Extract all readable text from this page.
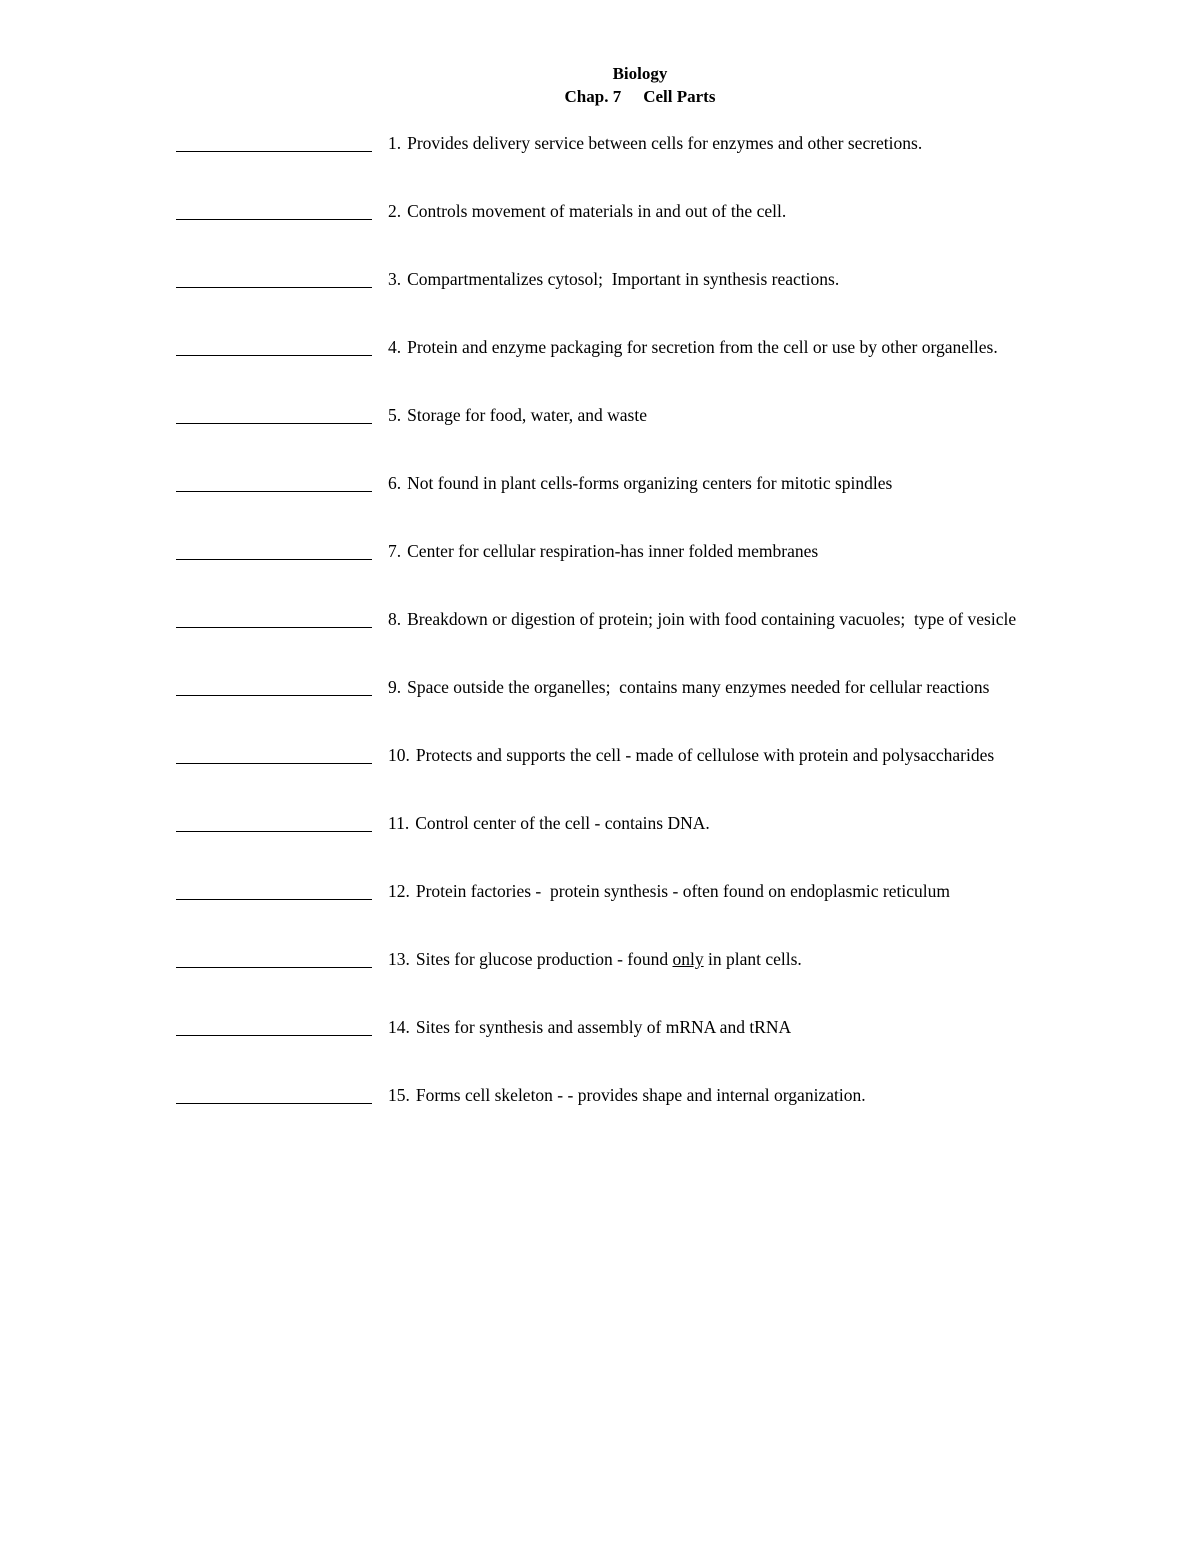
Biology
Chap. 7 Cell Parts
1. Provides delivery service between cells for enzymes and other secretions.
2. Controls movement of materials in and out of the cell.
3. Compartmentalizes cytosol;  Important in synthesis reactions.
4. Protein and enzyme packaging for secretion from the cell or use by other organelles.
5. Storage for food, water, and waste
6. Not found in plant cells-forms organizing centers for mitotic spindles
7. Center for cellular respiration-has inner folded membranes
8. Breakdown or digestion of protein; join with food containing vacuoles;  type of vesicle
9. Space outside the organelles;  contains many enzymes needed for cellular reactions
10. Protects and supports the cell - made of cellulose with protein and polysaccharides
11. Control center of the cell - contains DNA.
12. Protein factories -  protein synthesis - often found on endoplasmic reticulum
13. Sites for glucose production - found only in plant cells.
14. Sites for synthesis and assembly of mRNA and tRNA
15. Forms cell skeleton - - provides shape and internal organization.
